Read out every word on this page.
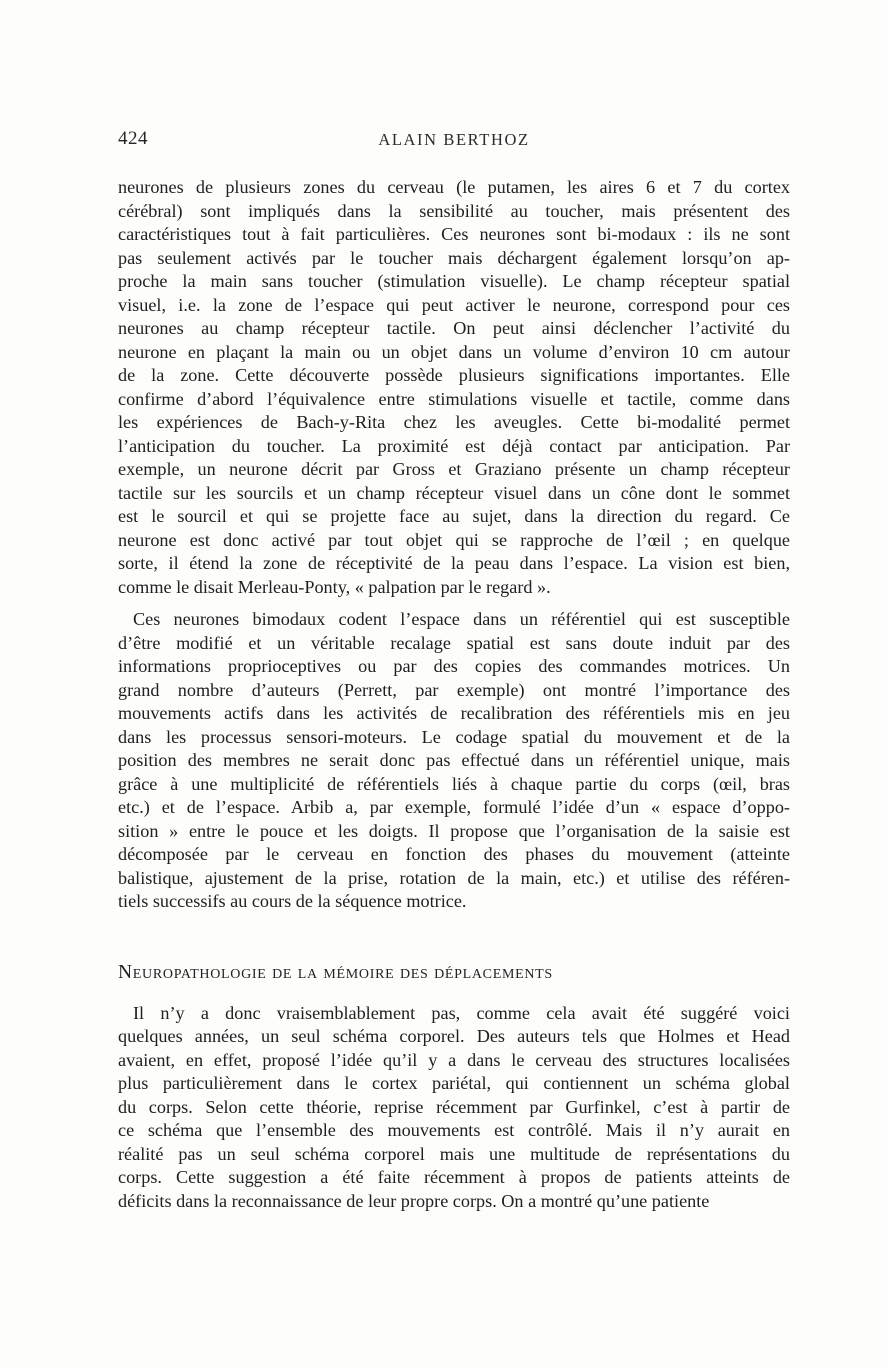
424	ALAIN BERTHOZ
neurones de plusieurs zones du cerveau (le putamen, les aires 6 et 7 du cortex
cérébral) sont impliqués dans la sensibilité au toucher, mais présentent des
caractéristiques tout à fait particulières. Ces neurones sont bi-modaux : ils ne sont
pas seulement activés par le toucher mais déchargent également lorsqu’on ap-
proche la main sans toucher (stimulation visuelle). Le champ récepteur spatial
visuel, i.e. la zone de l’espace qui peut activer le neurone, correspond pour ces
neurones au champ récepteur tactile. On peut ainsi déclencher l’activité du
neurone en plaçant la main ou un objet dans un volume d’environ 10 cm autour
de la zone. Cette découverte possède plusieurs significations importantes. Elle
confirme d’abord l’équivalence entre stimulations visuelle et tactile, comme dans
les expériences de Bach-y-Rita chez les aveugles. Cette bi-modalité permet
l’anticipation du toucher. La proximité est déjà contact par anticipation. Par
exemple, un neurone décrit par Gross et Graziano présente un champ récepteur
tactile sur les sourcils et un champ récepteur visuel dans un cône dont le sommet
est le sourcil et qui se projette face au sujet, dans la direction du regard. Ce
neurone est donc activé par tout objet qui se rapproche de l’œil ; en quelque
sorte, il étend la zone de réceptivité de la peau dans l’espace. La vision est bien,
comme le disait Merleau-Ponty, « palpation par le regard ».
Ces neurones bimodaux codent l’espace dans un référentiel qui est susceptible
d’être modifié et un véritable recalage spatial est sans doute induit par des
informations proprioceptives ou par des copies des commandes motrices. Un
grand nombre d’auteurs (Perrett, par exemple) ont montré l’importance des
mouvements actifs dans les activités de recalibration des référentiels mis en jeu
dans les processus sensori-moteurs. Le codage spatial du mouvement et de la
position des membres ne serait donc pas effectué dans un référentiel unique, mais
grâce à une multiplicité de référentiels liés à chaque partie du corps (œil, bras
etc.) et de l’espace. Arbib a, par exemple, formulé l’idée d’un « espace d’oppo-
sition » entre le pouce et les doigts. Il propose que l’organisation de la saisie est
décomposée par le cerveau en fonction des phases du mouvement (atteinte
balistique, ajustement de la prise, rotation de la main, etc.) et utilise des référen-
tiels successifs au cours de la séquence motrice.
Neuropathologie de la mémoire des déplacements
Il n’y a donc vraisemblablement pas, comme cela avait été suggéré voici
quelques années, un seul schéma corporel. Des auteurs tels que Holmes et Head
avaient, en effet, proposé l’idée qu’il y a dans le cerveau des structures localisées
plus particulièrement dans le cortex pariétal, qui contiennent un schéma global
du corps. Selon cette théorie, reprise récemment par Gurfinkel, c’est à partir de
ce schéma que l’ensemble des mouvements est contrôlé. Mais il n’y aurait en
réalité pas un seul schéma corporel mais une multitude de représentations du
corps. Cette suggestion a été faite récemment à propos de patients atteints de
déficits dans la reconnaissance de leur propre corps. On a montré qu’une patiente
